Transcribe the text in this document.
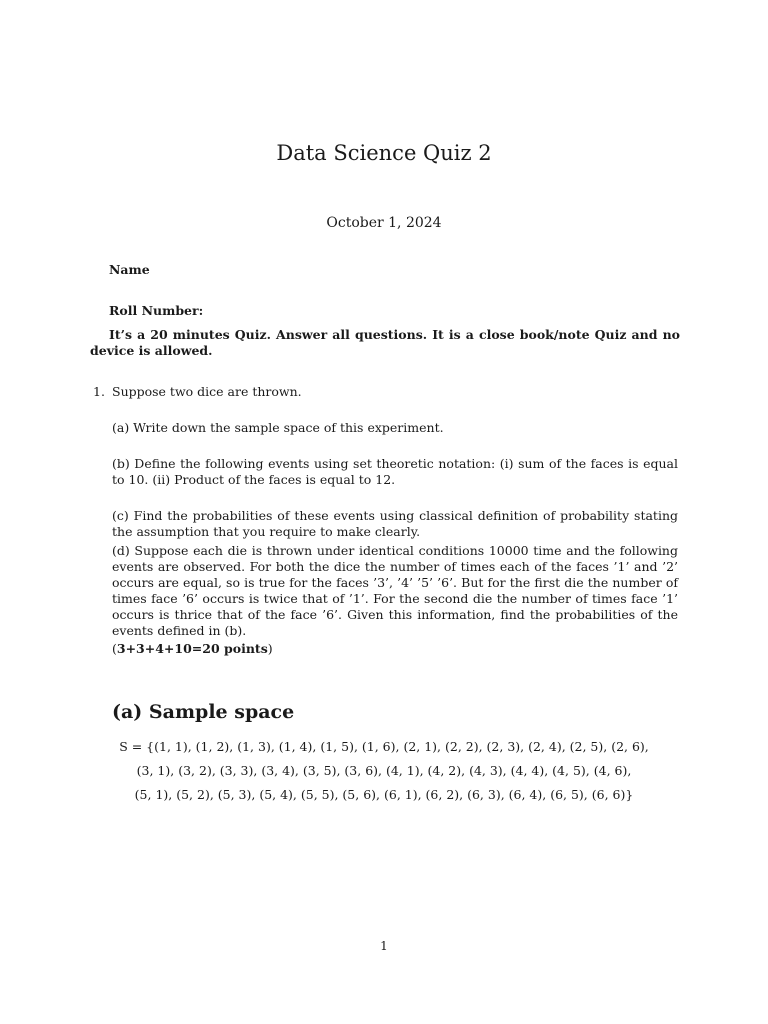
Data Science Quiz 2
October 1, 2024
Name
Roll Number:
It’s a 20 minutes Quiz. Answer all questions. It is a close book/note Quiz and no device is allowed.
1. Suppose two dice are thrown.
(a) Write down the sample space of this experiment.
(b) Define the following events using set theoretic notation: (i) sum of the faces is equal to 10. (ii) Product of the faces is equal to 12.
(c) Find the probabilities of these events using classical definition of probability stating the assumption that you require to make clearly.
(d) Suppose each die is thrown under identical conditions 10000 time and the following events are observed. For both the dice the number of times each of the faces ’1’ and ’2’ occurs are equal, so is true for the faces ’3’, ’4’ ’5’ ’6’. But for the first die the number of times face ’6’ occurs is twice that of ’1’. For the second die the number of times face ’1’ occurs is thrice that of the face ’6’. Given this information, find the probabilities of the events defined in (b).
(3+3+4+10=20 points)
(a) Sample space
S = {(1, 1), (1, 2), (1, 3), (1, 4), (1, 5), (1, 6), (2, 1), (2, 2), (2, 3), (2, 4), (2, 5), (2, 6),
(3, 1), (3, 2), (3, 3), (3, 4), (3, 5), (3, 6), (4, 1), (4, 2), (4, 3), (4, 4), (4, 5), (4, 6),
(5, 1), (5, 2), (5, 3), (5, 4), (5, 5), (5, 6), (6, 1), (6, 2), (6, 3), (6, 4), (6, 5), (6, 6)}
1
